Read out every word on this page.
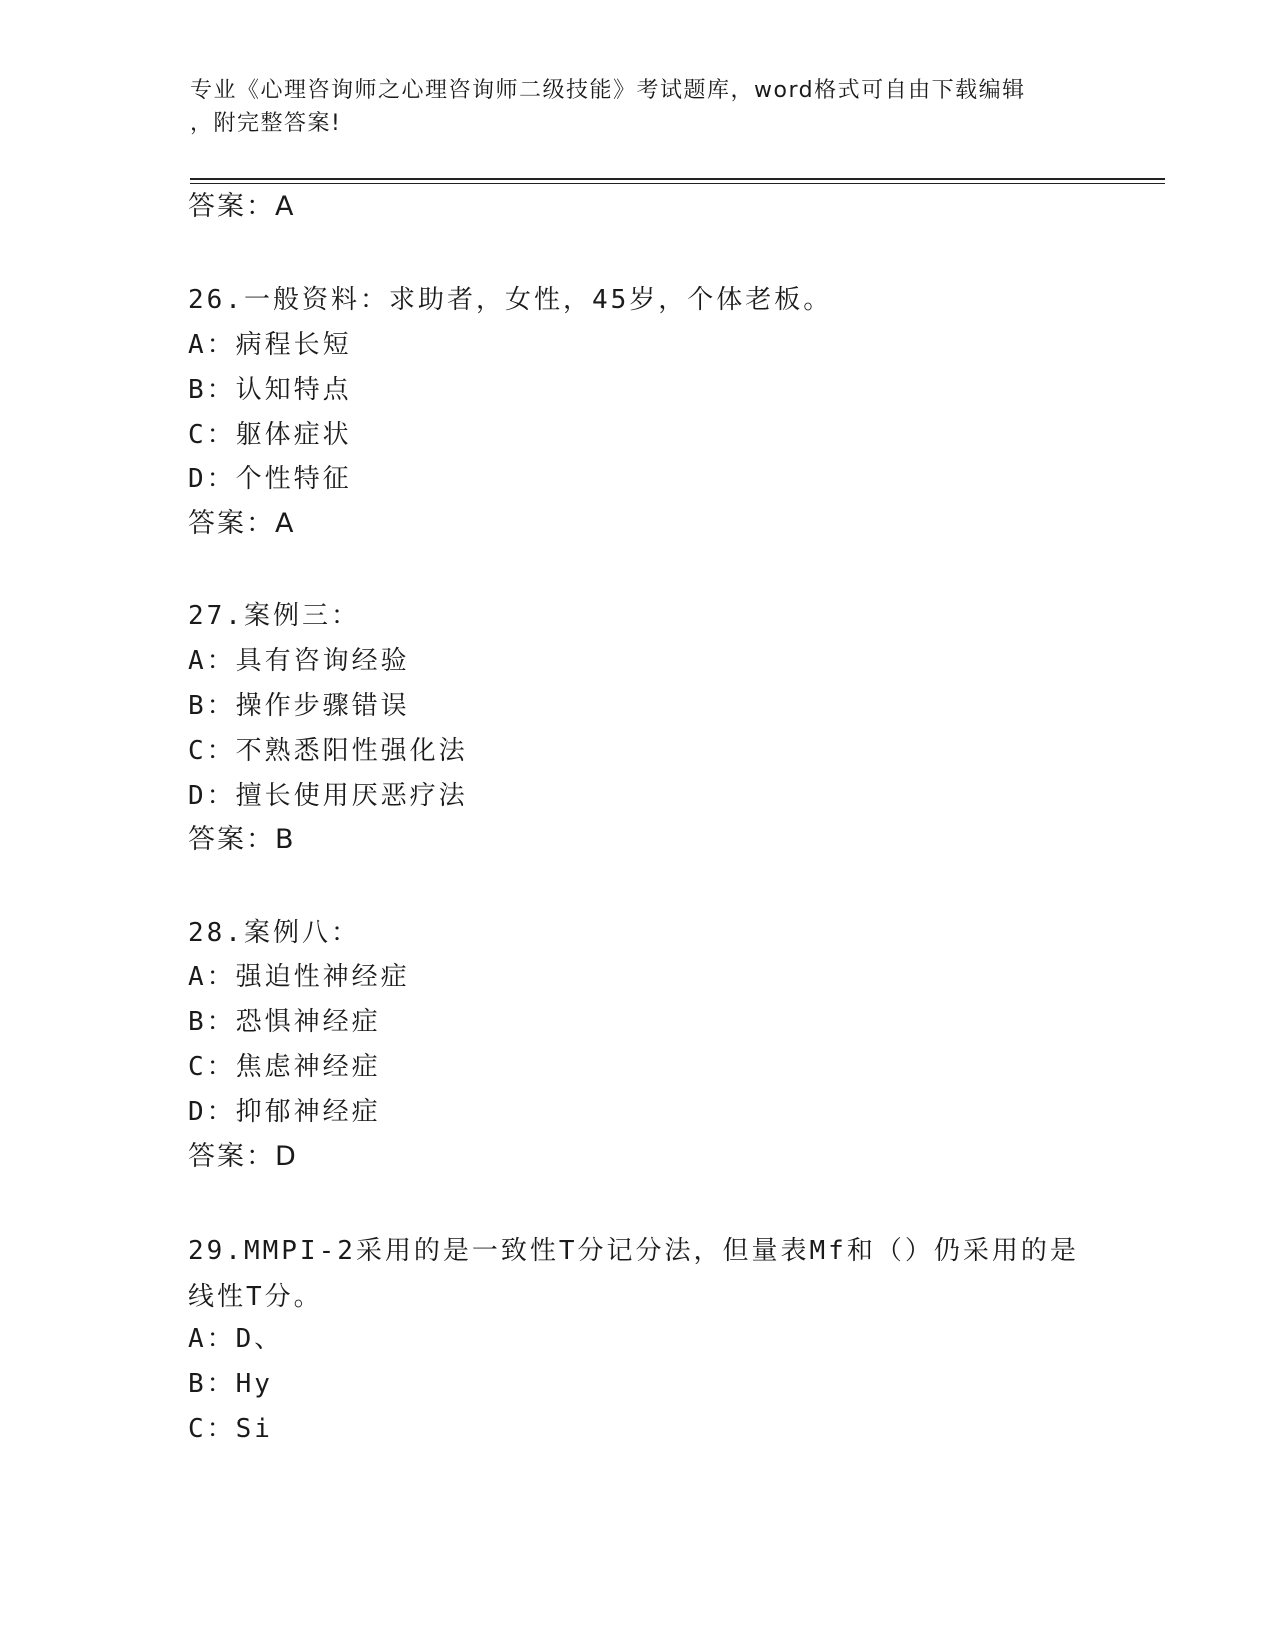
专业《心理咨询师之心理咨询师二级技能》考试题库，word格式可自由下载编辑
，附完整答案!
答案：A
26.一般资料：求助者，女性，45岁，个体老板。
A：病程长短
B：认知特点
C：躯体症状
D：个性特征
答案：A
27.案例三：
A：具有咨询经验
B：操作步骤错误
C：不熟悉阳性强化法
D：擅长使用厌恶疗法
答案：B
28.案例八：
A：强迫性神经症
B：恐惧神经症
C：焦虑神经症
D：抑郁神经症
答案：D
29.MMPI-2采用的是一致性T分记分法，但量表Mf和（）仍采用的是线性T分。
A：D、
B：Hy
C：Si
